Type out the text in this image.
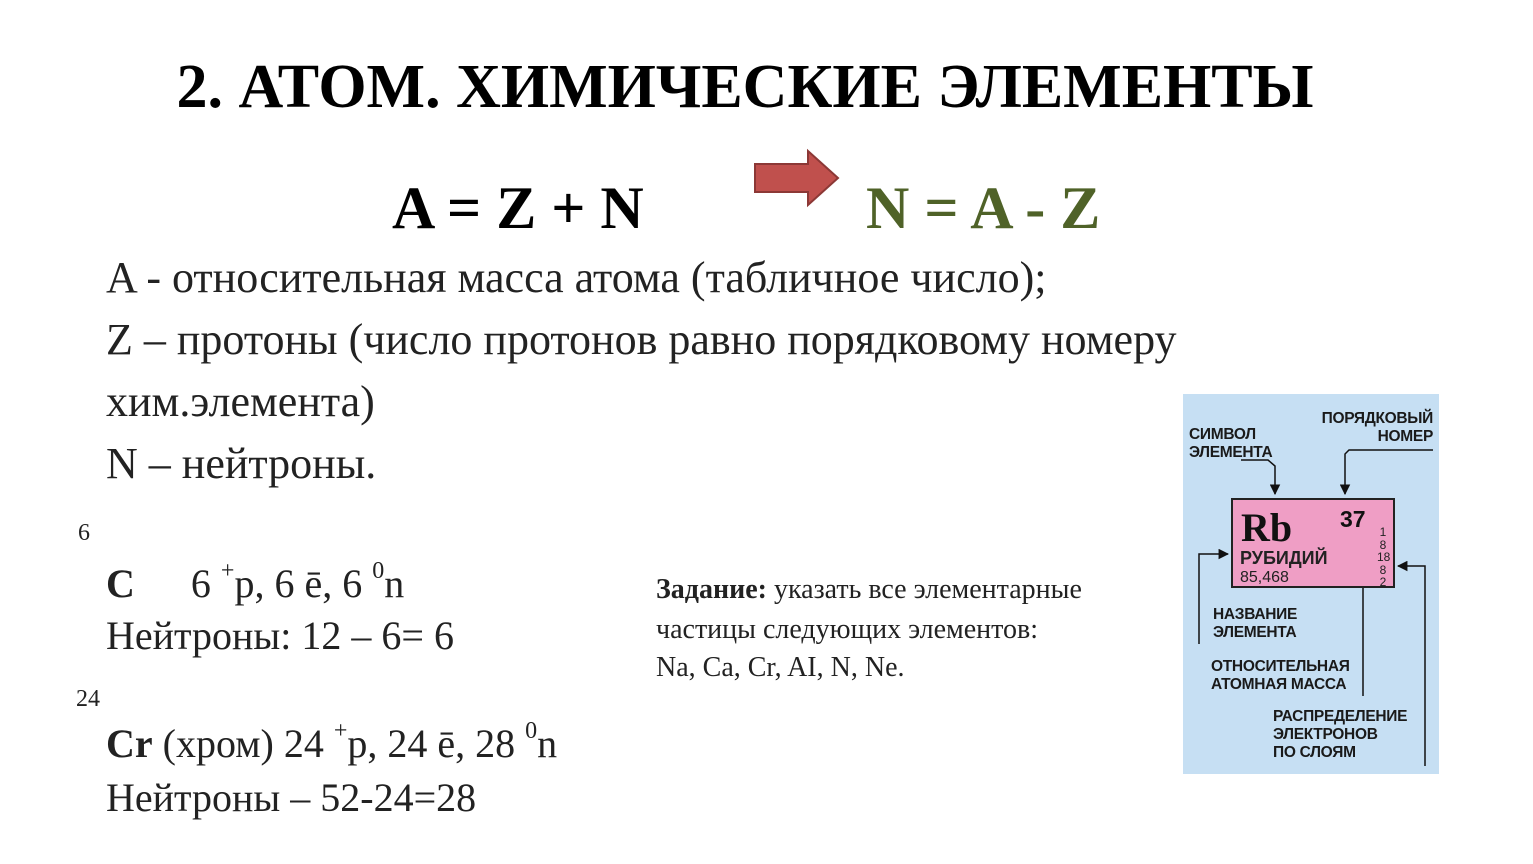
2. АТОМ. ХИМИЧЕСКИЕ ЭЛЕМЕНТЫ
A = Z + N	N = A - Z
A - относительная масса атома (табличное число);
Z – протоны (число протонов равно порядковому номеру
хим.элемента)
N – нейтроны.
6
C 6 +p, 6 ē, 6 $^0$n
Нейтроны: 12 – 6= 6
24
Cr (хром) 24 +p, 24 ē, 28 $^0$n
Нейтроны – 52-24=28
Задание: указать все элементарные
частицы следующих элементов:
Na, Ca, Cr, AI, N, Ne.
СИМВОЛ
ЭЛЕМЕНТА
ПОРЯДКОВЫЙ
НОМЕР
Rb 37
РУБИДИЙ
85,468
1
8
18
8
2
НАЗВАНИЕ
ЭЛЕМЕНТА
ОТНОСИТЕЛЬНАЯ
АТОМНАЯ МАССА
РАСПРЕДЕЛЕНИЕ
ЭЛЕКТРОНОВ
ПО СЛОЯМ
